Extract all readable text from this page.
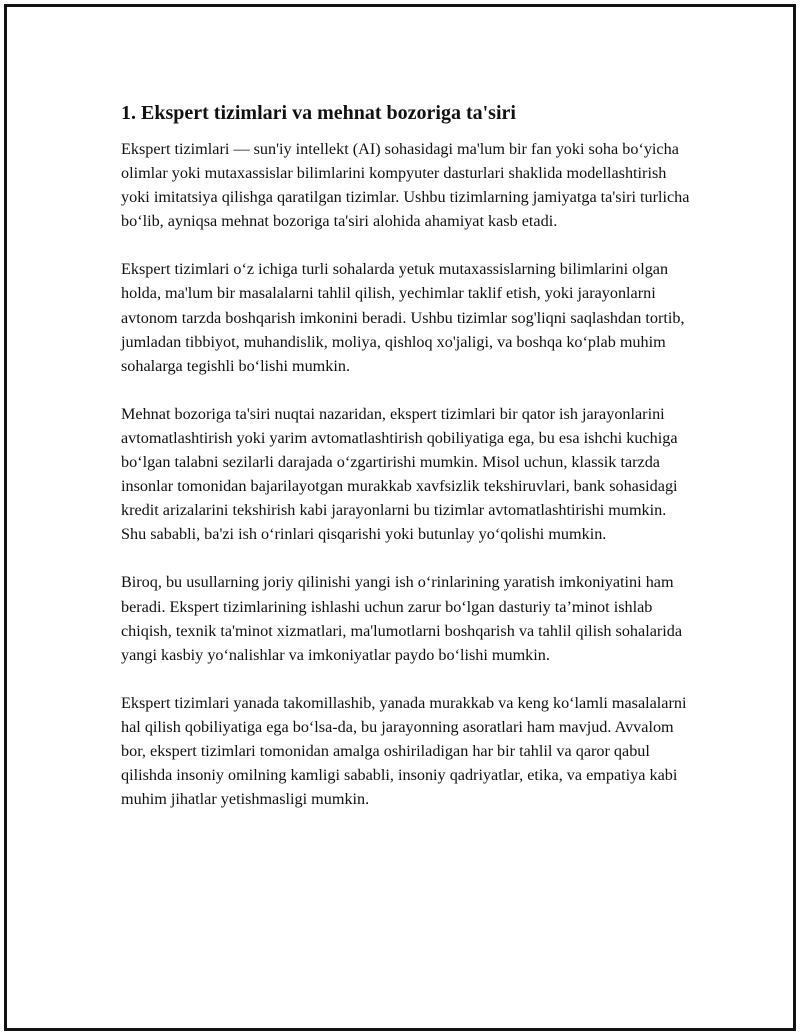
1. Ekspert tizimlari va mehnat bozoriga ta'siri

Ekspert tizimlari — sun'iy intellekt (AI) sohasidagi ma'lum bir fan yoki soha bo‘yicha olimlar yoki mutaxassislar bilimlarini kompyuter dasturlari shaklida modellashtirish yoki imitatsiya qilishga qaratilgan tizimlar. Ushbu tizimlarning jamiyatga ta'siri turlicha bo‘lib, ayniqsa mehnat bozoriga ta'siri alohida ahamiyat kasb etadi.

Ekspert tizimlari o‘z ichiga turli sohalarda yetuk mutaxassislarning bilimlarini olgan holda, ma'lum bir masalalarni tahlil qilish, yechimlar taklif etish, yoki jarayonlarni avtonom tarzda boshqarish imkonini beradi. Ushbu tizimlar sog'liqni saqlashdan tortib, jumladan tibbiyot, muhandislik, moliya, qishloq xo'jaligi, va boshqa ko‘plab muhim sohalarga tegishli bo‘lishi mumkin.

Mehnat bozoriga ta'siri nuqtai nazaridan, ekspert tizimlari bir qator ish jarayonlarini avtomatlashtirish yoki yarim avtomatlashtirish qobiliyatiga ega, bu esa ishchi kuchiga bo‘lgan talabni sezilarli darajada o‘zgartirishi mumkin. Misol uchun, klassik tarzda insonlar tomonidan bajarilayotgan murakkab xavfsizlik tekshiruvlari, bank sohasidagi kredit arizalarini tekshirish kabi jarayonlarni bu tizimlar avtomatlashtirishi mumkin. Shu sababli, ba'zi ish o‘rinlari qisqarishi yoki butunlay yo‘qolishi mumkin.

Biroq, bu usullarning joriy qilinishi yangi ish o‘rinlarining yaratish imkoniyatini ham beradi. Ekspert tizimlarining ishlashi uchun zarur bo‘lgan dasturiy ta’minot ishlab chiqish, texnik ta'minot xizmatlari, ma'lumotlarni boshqarish va tahlil qilish sohalarida yangi kasbiy yo‘nalishlar va imkoniyatlar paydo bo‘lishi mumkin.

Ekspert tizimlari yanada takomillashib, yanada murakkab va keng ko‘lamli masalalarni hal qilish qobiliyatiga ega bo‘lsa-da, bu jarayonning asoratlari ham mavjud. Avvalom bor, ekspert tizimlari tomonidan amalga oshiriladigan har bir tahlil va qaror qabul qilishda insoniy omilning kamligi sababli, insoniy qadriyatlar, etika, va empatiya kabi muhim jihatlar yetishmasligi mumkin.
